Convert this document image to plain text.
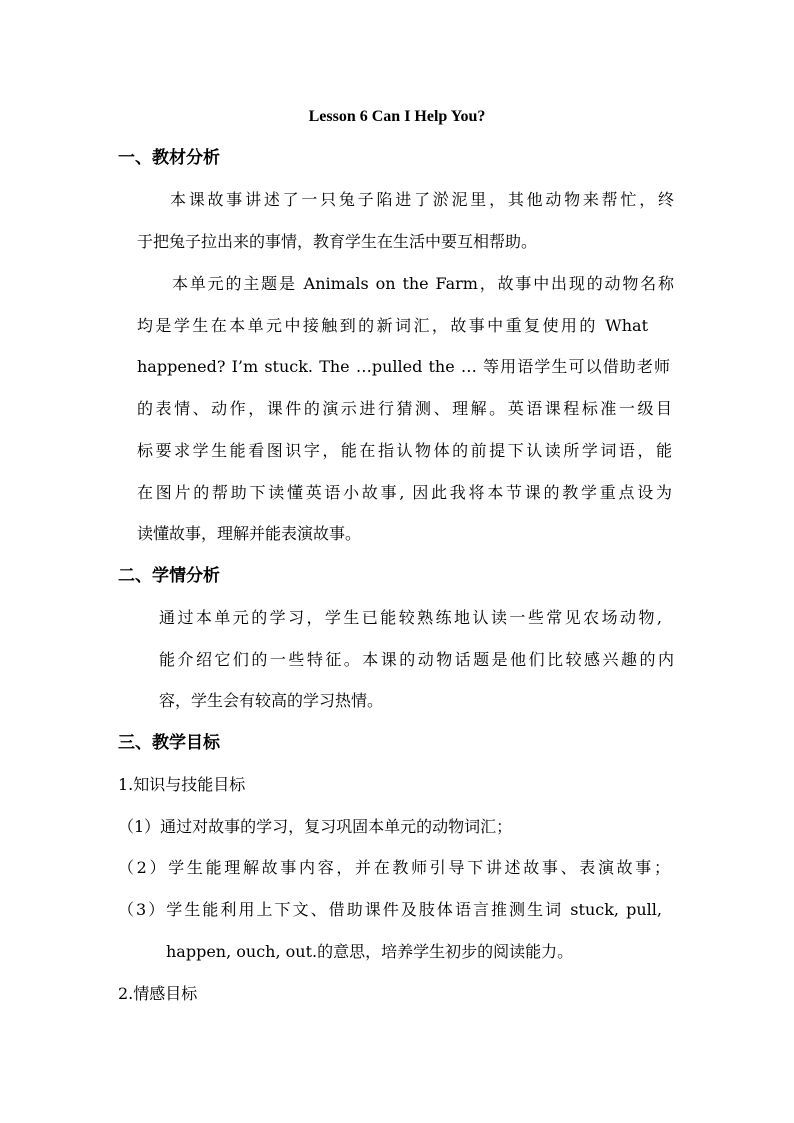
Lesson 6 Can I Help You?
一、教材分析
本课故事讲述了一只兔子陷进了淤泥里，其他动物来帮忙，终
于把兔子拉出来的事情，教育学生在生活中要互相帮助。
本单元的主题是 Animals on the Farm，故事中出现的动物名称
均是学生在本单元中接触到的新词汇，故事中重复使用的 What
happened? I’m stuck. The …pulled the … 等用语学生可以借助老师
的表情、动作，课件的演示进行猜测、理解。英语课程标准一级目
标要求学生能看图识字，能在指认物体的前提下认读所学词语，能
在图片的帮助下读懂英语小故事, 因此我将本节课的教学重点设为
读懂故事，理解并能表演故事。
二、学情分析
通过本单元的学习，学生已能较熟练地认读一些常见农场动物,
能介绍它们的一些特征。本课的动物话题是他们比较感兴趣的内
容，学生会有较高的学习热情。
三、教学目标
1.知识与技能目标
（1）通过对故事的学习，复习巩固本单元的动物词汇；
（2）学生能理解故事内容，并在教师引导下讲述故事、表演故事；
（3）学生能利用上下文、借助课件及肢体语言推测生词 stuck, pull,
happen, ouch, out.的意思，培养学生初步的阅读能力。
2.情感目标
